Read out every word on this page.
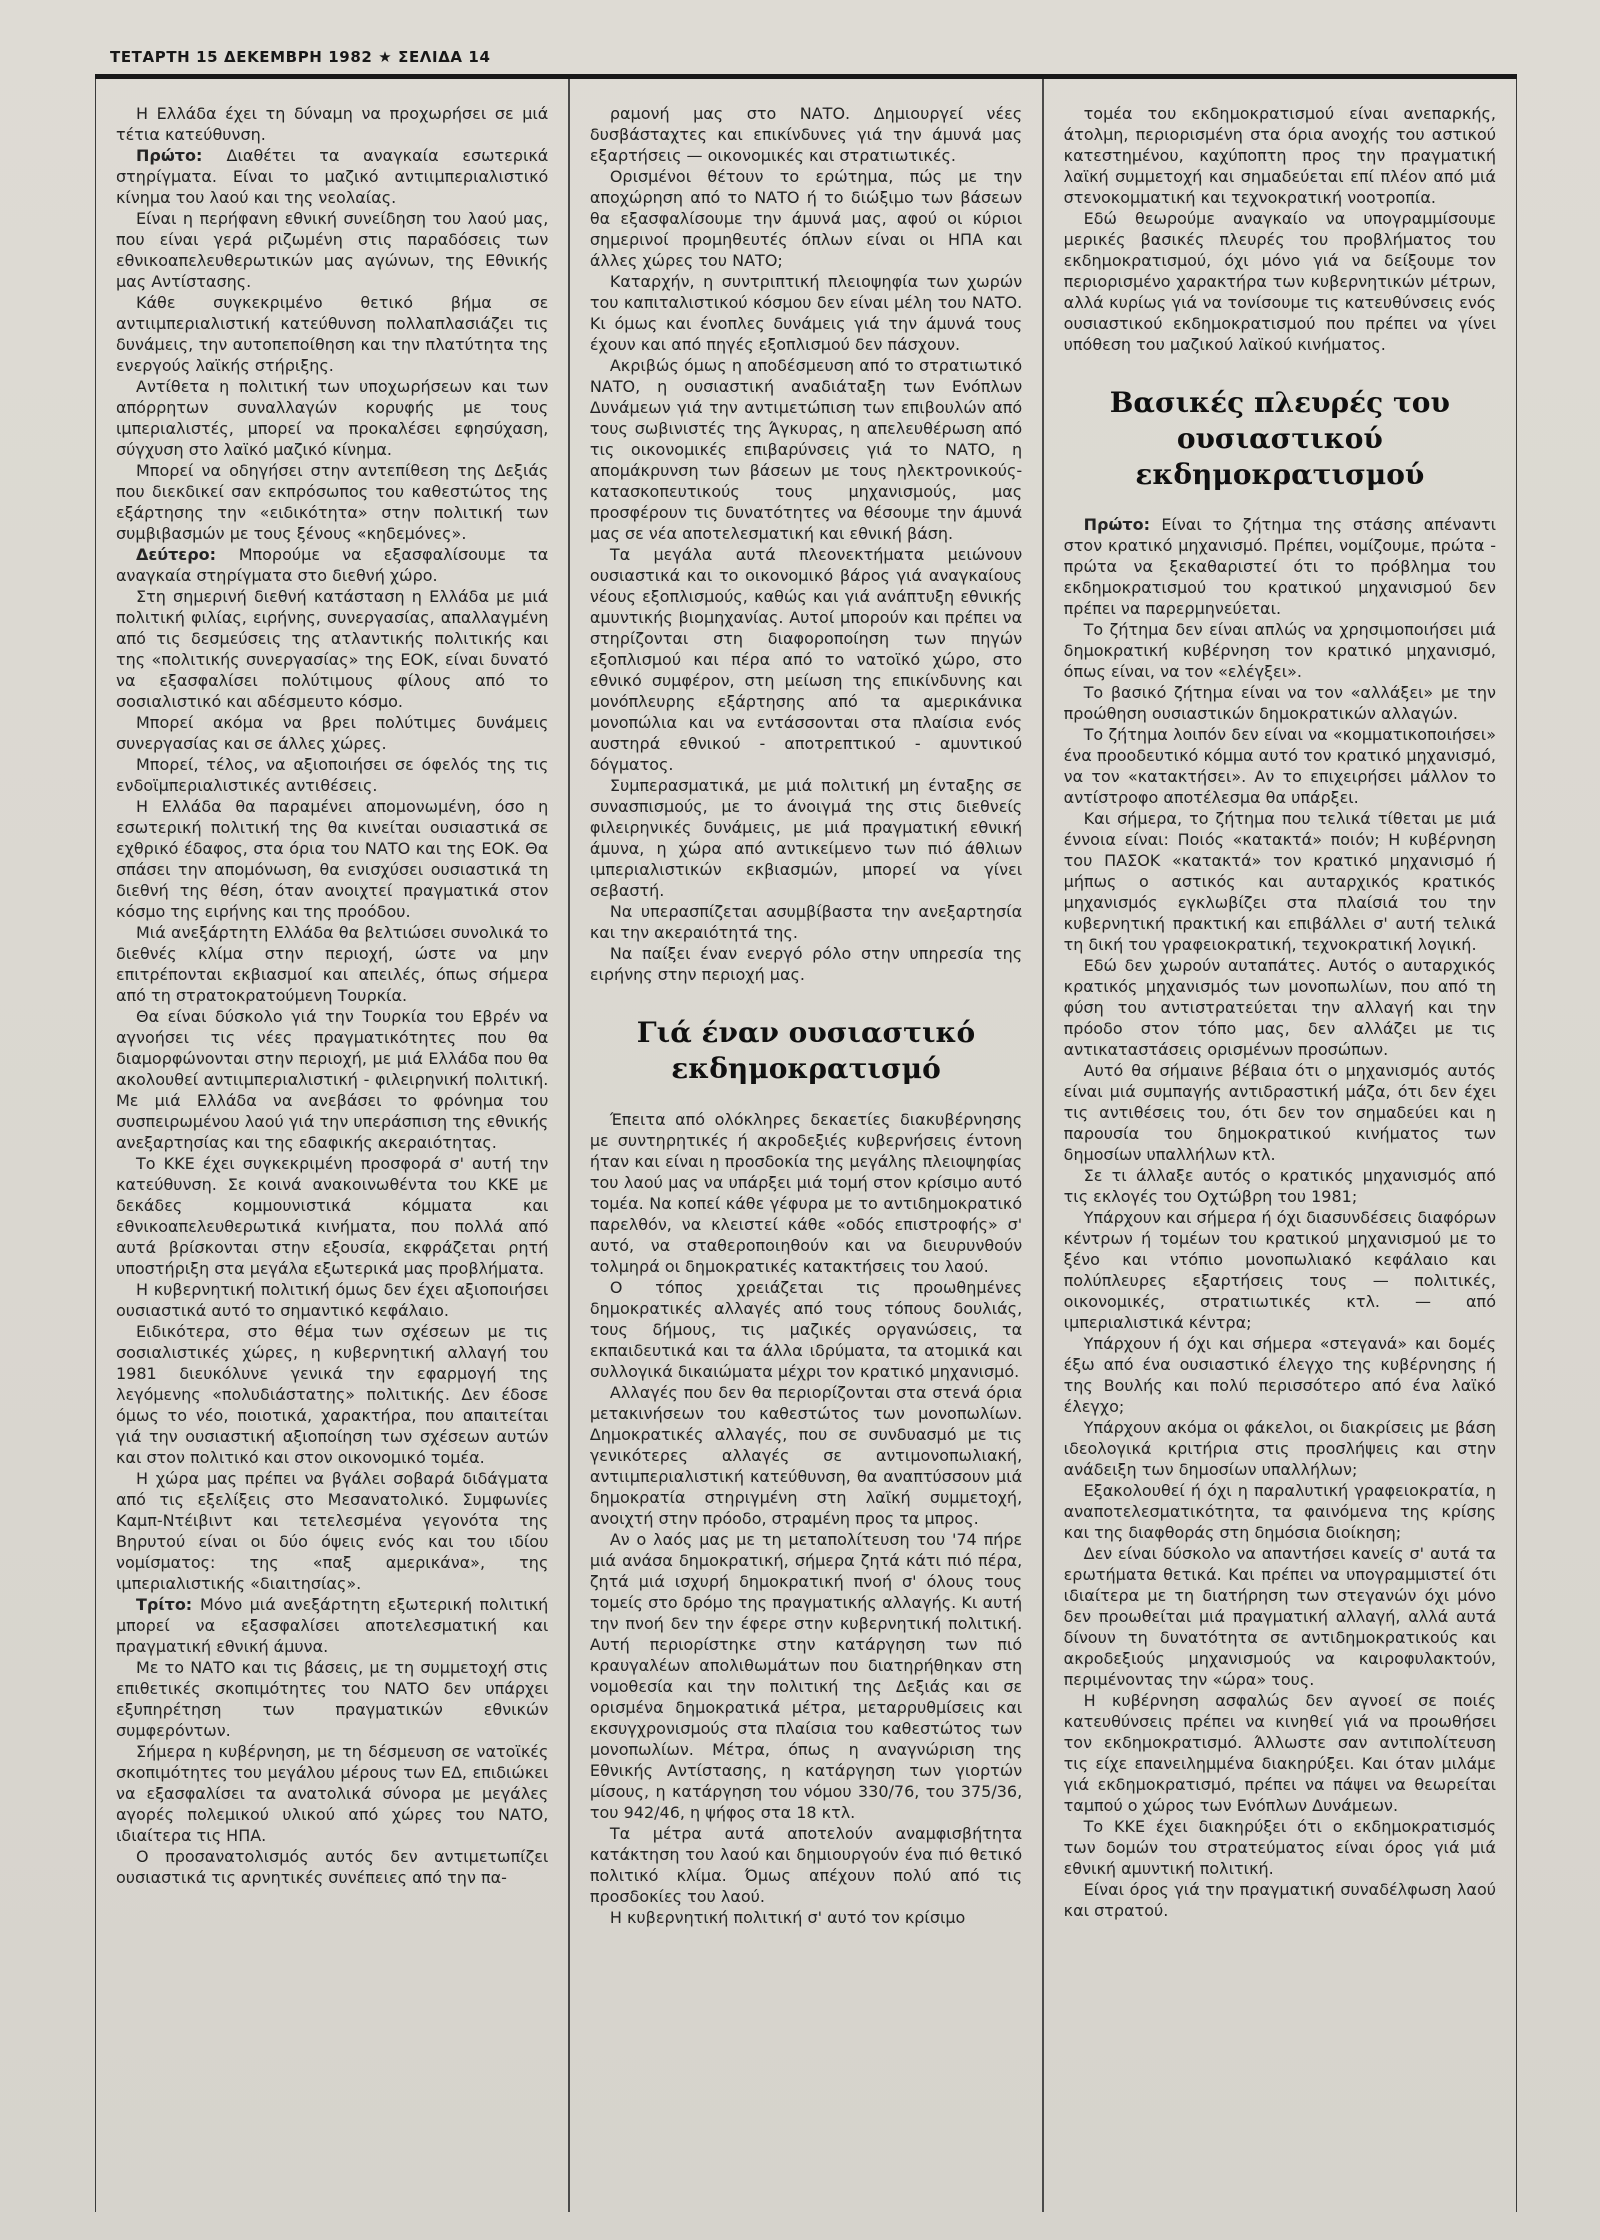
ΤΕΤΑΡΤΗ 15 ΔΕΚΕΜΒΡΗ 1982 ★ ΣΕΛΙΔΑ 14

Η Ελλάδα έχει τη δύναμη να προχωρήσει σε μιά τέτια κατεύθυνση.

Πρώτο: Διαθέτει τα αναγκαία εσωτερικά στηρίγματα. Είναι το μαζικό αντιιμπεριαλιστικό κίνημα του λαού και της νεολαίας.

Είναι η περήφανη εθνική συνείδηση του λαού μας, που είναι γερά ριζωμένη στις παραδόσεις των εθνικοαπελευθερωτικών μας αγώνων, της Εθνικής μας Αντίστασης.

Κάθε συγκεκριμένο θετικό βήμα σε αντιιμπεριαλιστική κατεύθυνση πολλαπλασιάζει τις δυνάμεις, την αυτοπεποίθηση και την πλατύτητα της ενεργούς λαϊκής στήριξης.

Αντίθετα η πολιτική των υποχωρήσεων και των απόρρητων συναλλαγών κορυφής με τους ιμπεριαλιστές, μπορεί να προκαλέσει εφησύχαση, σύγχυση στο λαϊκό μαζικό κίνημα.

Μπορεί να οδηγήσει στην αντεπίθεση της Δεξιάς που διεκδικεί σαν εκπρόσωπος του καθεστώτος της εξάρτησης την «ειδικότητα» στην πολιτική των συμβιβασμών με τους ξένους «κηδεμόνες».

Δεύτερο: Μπορούμε να εξασφαλίσουμε τα αναγκαία στηρίγματα στο διεθνή χώρο.

Στη σημερινή διεθνή κατάσταση η Ελλάδα με μιά πολιτική φιλίας, ειρήνης, συνεργασίας, απαλλαγμένη από τις δεσμεύσεις της ατλαντικής πολιτικής και της «πολιτικής συνεργασίας» της ΕΟΚ, είναι δυνατό να εξασφαλίσει πολύτιμους φίλους από το σοσιαλιστικό και αδέσμευτο κόσμο.

Μπορεί ακόμα να βρει πολύτιμες δυνάμεις συνεργασίας και σε άλλες χώρες.

Μπορεί, τέλος, να αξιοποιήσει σε όφελός της τις ενδοϊμπεριαλιστικές αντιθέσεις.

Η Ελλάδα θα παραμένει απομονωμένη, όσο η εσωτερική πολιτική της θα κινείται ουσιαστικά σε εχθρικό έδαφος, στα όρια του ΝΑΤΟ και της ΕΟΚ. Θα σπάσει την απομόνωση, θα ενισχύσει ουσιαστικά τη διεθνή της θέση, όταν ανοιχτεί πραγματικά στον κόσμο της ειρήνης και της προόδου.

Μιά ανεξάρτητη Ελλάδα θα βελτιώσει συνολικά το διεθνές κλίμα στην περιοχή, ώστε να μην επιτρέπονται εκβιασμοί και απειλές, όπως σήμερα από τη στρατοκρατούμενη Τουρκία.

Θα είναι δύσκολο γιά την Τουρκία του Εβρέν να αγνοήσει τις νέες πραγματικότητες που θα διαμορφώνονται στην περιοχή, με μιά Ελλάδα που θα ακολουθεί αντιιμπεριαλιστική - φιλειρηνική πολιτική. Με μιά Ελλάδα να ανεβάσει το φρόνημα του συσπειρωμένου λαού γιά την υπεράσπιση της εθνικής ανεξαρτησίας και της εδαφικής ακεραιότητας.

Το ΚΚΕ έχει συγκεκριμένη προσφορά σ' αυτή την κατεύθυνση. Σε κοινά ανακοινωθέντα του ΚΚΕ με δεκάδες κομμουνιστικά κόμματα και εθνικοαπελευθερωτικά κινήματα, που πολλά από αυτά βρίσκονται στην εξουσία, εκφράζεται ρητή υποστήριξη στα μεγάλα εξωτερικά μας προβλήματα.

Η κυβερνητική πολιτική όμως δεν έχει αξιοποιήσει ουσιαστικά αυτό το σημαντικό κεφάλαιο.

Ειδικότερα, στο θέμα των σχέσεων με τις σοσιαλιστικές χώρες, η κυβερνητική αλλαγή του 1981 διευκόλυνε γενικά την εφαρμογή της λεγόμενης «πολυδιάστατης» πολιτικής. Δεν έδοσε όμως το νέο, ποιοτικά, χαρακτήρα, που απαιτείται γιά την ουσιαστική αξιοποίηση των σχέσεων αυτών και στον πολιτικό και στον οικονομικό τομέα.

Η χώρα μας πρέπει να βγάλει σοβαρά διδάγματα από τις εξελίξεις στο Μεσανατολικό. Συμφωνίες Καμπ-Ντέιβιντ και τετελεσμένα γεγονότα της Βηρυτού είναι οι δύο όψεις ενός και του ιδίου νομίσματος: της «παξ αμερικάνα», της ιμπεριαλιστικής «διαιτησίας».

Τρίτο: Μόνο μιά ανεξάρτητη εξωτερική πολιτική μπορεί να εξασφαλίσει αποτελεσματική και πραγματική εθνική άμυνα.

Με το ΝΑΤΟ και τις βάσεις, με τη συμμετοχή στις επιθετικές σκοπιμότητες του ΝΑΤΟ δεν υπάρχει εξυπηρέτηση των πραγματικών εθνικών συμφερόντων.

Σήμερα η κυβέρνηση, με τη δέσμευση σε νατοϊκές σκοπιμότητες του μεγάλου μέρους των ΕΔ, επιδιώκει να εξασφαλίσει τα ανατολικά σύνορα με μεγάλες αγορές πολεμικού υλικού από χώρες του ΝΑΤΟ, ιδιαίτερα τις ΗΠΑ.

Ο προσανατολισμός αυτός δεν αντιμετωπίζει ουσιαστικά τις αρνητικές συνέπειες από την πα-

ραμονή μας στο ΝΑΤΟ. Δημιουργεί νέες δυσβάσταχτες και επικίνδυνες γιά την άμυνά μας εξαρτήσεις — οικονομικές και στρατιωτικές.

Ορισμένοι θέτουν το ερώτημα, πώς με την αποχώρηση από το ΝΑΤΟ ή το διώξιμο των βάσεων θα εξασφαλίσουμε την άμυνά μας, αφού οι κύριοι σημερινοί προμηθευτές όπλων είναι οι ΗΠΑ και άλλες χώρες του ΝΑΤΟ;

Καταρχήν, η συντριπτική πλειοψηφία των χωρών του καπιταλιστικού κόσμου δεν είναι μέλη του ΝΑΤΟ. Κι όμως και ένοπλες δυνάμεις γιά την άμυνά τους έχουν και από πηγές εξοπλισμού δεν πάσχουν.

Ακριβώς όμως η αποδέσμευση από το στρατιωτικό ΝΑΤΟ, η ουσιαστική αναδιάταξη των Ενόπλων Δυνάμεων γιά την αντιμετώπιση των επιβουλών από τους σωβινιστές της Άγκυρας, η απελευθέρωση από τις οικονομικές επιβαρύνσεις γιά το ΝΑΤΟ, η απομάκρυνση των βάσεων με τους ηλεκτρονικούς-κατασκοπευτικούς τους μηχανισμούς, μας προσφέρουν τις δυνατότητες να θέσουμε την άμυνά μας σε νέα αποτελεσματική και εθνική βάση.

Τα μεγάλα αυτά πλεονεκτήματα μειώνουν ουσιαστικά και το οικονομικό βάρος γιά αναγκαίους νέους εξοπλισμούς, καθώς και γιά ανάπτυξη εθνικής αμυντικής βιομηχανίας. Αυτοί μπορούν και πρέπει να στηρίζονται στη διαφοροποίηση των πηγών εξοπλισμού και πέρα από το νατοϊκό χώρο, στο εθνικό συμφέρον, στη μείωση της επικίνδυνης και μονόπλευρης εξάρτησης από τα αμερικάνικα μονοπώλια και να εντάσσονται στα πλαίσια ενός αυστηρά εθνικού - αποτρεπτικού - αμυντικού δόγματος.

Συμπερασματικά, με μιά πολιτική μη ένταξης σε συνασπισμούς, με το άνοιγμά της στις διεθνείς φιλειρηνικές δυνάμεις, με μιά πραγματική εθνική άμυνα, η χώρα από αντικείμενο των πιό άθλιων ιμπεριαλιστικών εκβιασμών, μπορεί να γίνει σεβαστή.

Να υπερασπίζεται ασυμβίβαστα την ανεξαρτησία και την ακεραιότητά της.

Να παίξει έναν ενεργό ρόλο στην υπηρεσία της ειρήνης στην περιοχή μας.

Γιά έναν ουσιαστικό εκδημοκρατισμό

Έπειτα από ολόκληρες δεκαετίες διακυβέρνησης με συντηρητικές ή ακροδεξιές κυβερνήσεις έντονη ήταν και είναι η προσδοκία της μεγάλης πλειοψηφίας του λαού μας να υπάρξει μιά τομή στον κρίσιμο αυτό τομέα. Να κοπεί κάθε γέφυρα με το αντιδημοκρατικό παρελθόν, να κλειστεί κάθε «οδός επιστροφής» σ' αυτό, να σταθεροποιηθούν και να διευρυνθούν τολμηρά οι δημοκρατικές κατακτήσεις του λαού.

Ο τόπος χρειάζεται τις προωθημένες δημοκρατικές αλλαγές από τους τόπους δουλιάς, τους δήμους, τις μαζικές οργανώσεις, τα εκπαιδευτικά και τα άλλα ιδρύματα, τα ατομικά και συλλογικά δικαιώματα μέχρι τον κρατικό μηχανισμό.

Αλλαγές που δεν θα περιορίζονται στα στενά όρια μετακινήσεων του καθεστώτος των μονοπωλίων. Δημοκρατικές αλλαγές, που σε συνδυασμό με τις γενικότερες αλλαγές σε αντιμονοπωλιακή, αντιιμπεριαλιστική κατεύθυνση, θα αναπτύσσουν μιά δημοκρατία στηριγμένη στη λαϊκή συμμετοχή, ανοιχτή στην πρόοδο, στραμένη προς τα μπρος.

Αν ο λαός μας με τη μεταπολίτευση του '74 πήρε μιά ανάσα δημοκρατική, σήμερα ζητά κάτι πιό πέρα, ζητά μιά ισχυρή δημοκρατική πνοή σ' όλους τους τομείς στο δρόμο της πραγματικής αλλαγής. Κι αυτή την πνοή δεν την έφερε στην κυβερνητική πολιτική. Αυτή περιορίστηκε στην κατάργηση των πιό κραυγαλέων απολιθωμάτων που διατηρήθηκαν στη νομοθεσία και την πολιτική της Δεξιάς και σε ορισμένα δημοκρατικά μέτρα, μεταρρυθμίσεις και εκσυγχρονισμούς στα πλαίσια του καθεστώτος των μονοπωλίων. Μέτρα, όπως η αναγνώριση της Εθνικής Αντίστασης, η κατάργηση των γιορτών μίσους, η κατάργηση του νόμου 330/76, του 375/36, του 942/46, η ψήφος στα 18 κτλ.

Τα μέτρα αυτά αποτελούν αναμφισβήτητα κατάκτηση του λαού και δημιουργούν ένα πιό θετικό πολιτικό κλίμα. Όμως απέχουν πολύ από τις προσδοκίες του λαού.

Η κυβερνητική πολιτική σ' αυτό τον κρίσιμο

τομέα του εκδημοκρατισμού είναι ανεπαρκής, άτολμη, περιορισμένη στα όρια ανοχής του αστικού κατεστημένου, καχύποπτη προς την πραγματική λαϊκή συμμετοχή και σημαδεύεται επί πλέον από μιά στενοκομματική και τεχνοκρατική νοοτροπία.

Εδώ θεωρούμε αναγκαίο να υπογραμμίσουμε μερικές βασικές πλευρές του προβλήματος του εκδημοκρατισμού, όχι μόνο γιά να δείξουμε τον περιορισμένο χαρακτήρα των κυβερνητικών μέτρων, αλλά κυρίως γιά να τονίσουμε τις κατευθύνσεις ενός ουσιαστικού εκδημοκρατισμού που πρέπει να γίνει υπόθεση του μαζικού λαϊκού κινήματος.

Βασικές πλευρές του ουσιαστικού εκδημοκρατισμού

Πρώτο: Είναι το ζήτημα της στάσης απέναντι στον κρατικό μηχανισμό. Πρέπει, νομίζουμε, πρώτα - πρώτα να ξεκαθαριστεί ότι το πρόβλημα του εκδημοκρατισμού του κρατικού μηχανισμού δεν πρέπει να παρερμηνεύεται.

Το ζήτημα δεν είναι απλώς να χρησιμοποιήσει μιά δημοκρατική κυβέρνηση τον κρατικό μηχανισμό, όπως είναι, να τον «ελέγξει».

Το βασικό ζήτημα είναι να τον «αλλάξει» με την προώθηση ουσιαστικών δημοκρατικών αλλαγών.

Το ζήτημα λοιπόν δεν είναι να «κομματικοποιήσει» ένα προοδευτικό κόμμα αυτό τον κρατικό μηχανισμό, να τον «κατακτήσει». Αν το επιχειρήσει μάλλον το αντίστροφο αποτέλεσμα θα υπάρξει.

Και σήμερα, το ζήτημα που τελικά τίθεται με μιά έννοια είναι: Ποιός «κατακτά» ποιόν; Η κυβέρνηση του ΠΑΣΟΚ «κατακτά» τον κρατικό μηχανισμό ή μήπως ο αστικός και αυταρχικός κρατικός μηχανισμός εγκλωβίζει στα πλαίσιά του την κυβερνητική πρακτική και επιβάλλει σ' αυτή τελικά τη δική του γραφειοκρατική, τεχνοκρατική λογική.

Εδώ δεν χωρούν αυταπάτες. Αυτός ο αυταρχικός κρατικός μηχανισμός των μονοπωλίων, που από τη φύση του αντιστρατεύεται την αλλαγή και την πρόοδο στον τόπο μας, δεν αλλάζει με τις αντικαταστάσεις ορισμένων προσώπων.

Αυτό θα σήμαινε βέβαια ότι ο μηχανισμός αυτός είναι μιά συμπαγής αντιδραστική μάζα, ότι δεν έχει τις αντιθέσεις του, ότι δεν τον σημαδεύει και η παρουσία του δημοκρατικού κινήματος των δημοσίων υπαλλήλων κτλ.

Σε τι άλλαξε αυτός ο κρατικός μηχανισμός από τις εκλογές του Οχτώβρη του 1981;

Υπάρχουν και σήμερα ή όχι διασυνδέσεις διαφόρων κέντρων ή τομέων του κρατικού μηχανισμού με το ξένο και ντόπιο μονοπωλιακό κεφάλαιο και πολύπλευρες εξαρτήσεις τους — πολιτικές, οικονομικές, στρατιωτικές κτλ. — από ιμπεριαλιστικά κέντρα;

Υπάρχουν ή όχι και σήμερα «στεγανά» και δομές έξω από ένα ουσιαστικό έλεγχο της κυβέρνησης ή της Βουλής και πολύ περισσότερο από ένα λαϊκό έλεγχο;

Υπάρχουν ακόμα οι φάκελοι, οι διακρίσεις με βάση ιδεολογικά κριτήρια στις προσλήψεις και στην ανάδειξη των δημοσίων υπαλλήλων;

Εξακολουθεί ή όχι η παραλυτική γραφειοκρατία, η αναποτελεσματικότητα, τα φαινόμενα της κρίσης και της διαφθοράς στη δημόσια διοίκηση;

Δεν είναι δύσκολο να απαντήσει κανείς σ' αυτά τα ερωτήματα θετικά. Και πρέπει να υπογραμμιστεί ότι ιδιαίτερα με τη διατήρηση των στεγανών όχι μόνο δεν προωθείται μιά πραγματική αλλαγή, αλλά αυτά δίνουν τη δυνατότητα σε αντιδημοκρατικούς και ακροδεξιούς μηχανισμούς να καιροφυλακτούν, περιμένοντας την «ώρα» τους.

Η κυβέρνηση ασφαλώς δεν αγνοεί σε ποιές κατευθύνσεις πρέπει να κινηθεί γιά να προωθήσει τον εκδημοκρατισμό. Άλλωστε σαν αντιπολίτευση τις είχε επανειλημμένα διακηρύξει. Και όταν μιλάμε γιά εκδημοκρατισμό, πρέπει να πάψει να θεωρείται ταμπού ο χώρος των Ενόπλων Δυνάμεων.

Το ΚΚΕ έχει διακηρύξει ότι ο εκδημοκρατισμός των δομών του στρατεύματος είναι όρος γιά μιά εθνική αμυντική πολιτική.

Είναι όρος γιά την πραγματική συναδέλφωση λαού και στρατού.
